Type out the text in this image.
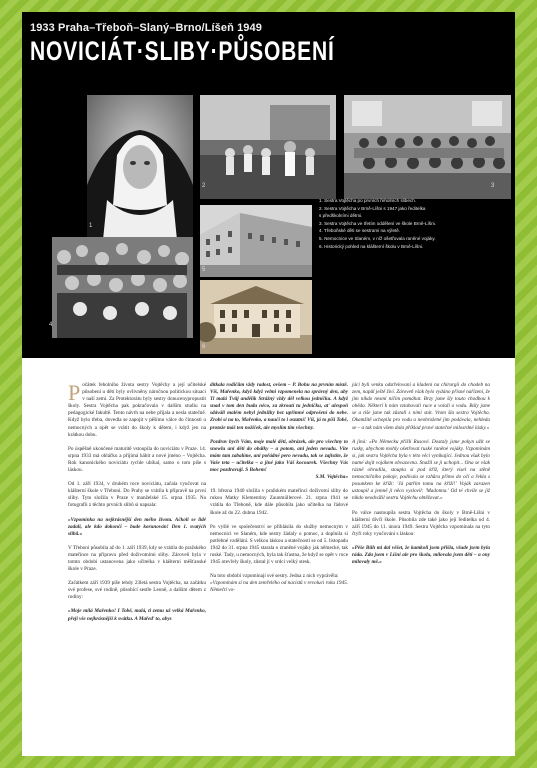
1933 Praha–Třeboň–Slaný–Brno/Líšeň 1949
NOVICIÁT·SLIBY·PŮSOBENÍ
1
2	3
4
5
6
1. Sestra Vojtěcha po prvních řeholních slibech.
2. Sestra Vojtěcha v Brně-Líšni s 1947 jako ředitelka
s předškolními dětmi.
3. Sestra Vojtěcha ve třetím oddělení ve škole Brně-Líšni.
4. Třeboňské děti se sestrami na výletě.
5. Nemocnice ve Slaném, v níž ošetřovala raněné vojáky.
6. Historický pohled na klášterní školu v Brně-Líšni.

Počátek řeholního života sestry Vojtěchy a její učitelské působení u dětí byly ovlivněny náročnou politickou situací v naší zemi. Za Protektorátu byly sestry donucenypropustit školy. Sestra Vojtěcha pak pokračovala v dalším studiu na pedagogické fakultě. Tento návrh na nebe přijala a nesla statečně. Když bylo třeba, dovedla se zapojit v pěšímu válce do činnosti u nemocných a opět se vrátit do školy k dětem, i když jen na krátkou dobu.

Po úspěšně ukončené maturitě vstoupila do noviciátu v Praze. 14. srpna 1933 má obláčku a přijímá hábit a nové jméno – Vojtěcha. Rok kanonického noviciátu rychle ubíhal, samo o tom píše s láskou.

Od 1. září 1934, v druhém roce noviciátu, začala vyučovat na klášterní škole v Třeboni. Do Prahy se vrátila k přípravě na první sliby. Tyto složila v Praze v manželské 15. srpna 1935. Na fotografii z těchto prvních slibů si napsala:

»Vzpomínka na nejkrásnější den mého života. Ačkoli se lidé zadali, ale kdo dokončí – bude korunován! Den 1. svatých slibů.«

V Třeboni působila až do 1. září 1939, kdy se vrátila do pražského mateřince na přípravu před doživotními sliby. Zároveň byla v tomto období ustanovena jako učitelka v klášterní měšťanské škole v Praze.

Začátkem září 1939 píše tehdy 23letá sestra Vojtěcha, na začátku své profese, své rodině, působící sestře Leoně, a dalším dětem z rodiny:

»Moje milá Mařenko! I Tobě, malá, ti zemu už velká Mařenko, přeji vše nejkrásnější k svátku. A Mařeď to, abys

dítkala rodičům vždy radost, ovšem – P. Bohu na prvním místě. Víš, Mařenko, když když velmi vzpomenela na správný den, aby Ti malá Tvůj andělík Strážný vždy děl velkou jedničku. A když snad v tom den budu něco, za zkroutí tu jedničku, ať alespoň sdáváli malém nebyl jednižky bez upřímné odprošení do nebe. Zrobí si na to, Mařenko, a naučí to i ostatní! Víš, já to píši Tobě, protože máš ten nožiček, ale myslím tím všechny.

Pozdrav bych Vám, moje malé děti, obrázek, ale pro všechny to snowlu ani děti do obálky – a potom, ani jeden nevadu. Víte mám tam zabalíme, ani pořádné pero nevadu, tak se zajistíte, že Vaše teta – učitelka – a jiné jako Váš kocourek. Všechny Vás moc pozdravuji. S Bohem!

S.M. Vojtěcha«

19. března 1940 složila v pražském mateřinci doživotní sliby do rukou Matky Klementiny Zaunmüllerové. 21. srpna 1941 se vrátila do Třeboně, kde dále působila jako učitelka na řádové škole až do 22. dubna 1942.

Po vyšlé ve společenství se přihlásila do služby nemocným v nemocnici ve Slaném, kde sestry žádaly o pomoc, a doplnila si potřebné vzdělání. S velkou láskou a statečností se od 5. listopadu 1942 do 31. srpna 1945 starala o zraněné vojáky jak německé, tak ruské. Tady, u nemocných, byla tak šťastna, že když se opět v roce 1945 otevřely školy, zůstal jí v srdci velký stesk.

Na toto období vzpomínají své sestry. Jedna z nich vyprávěla:

»Vzpomínám si na den zemřelého od nacistů v revoluci roku 1945. Němečtí vo-

jáci byli venku odstřelovaní a kladeni na chirurgii do chodeb na zem, napůl ještě živí. Zároveň však bylo vydáno přísné nařízení, že jim nikdo nesmí ničím pomáhat. Brzy jsme šly touto chodbou k oběda. Některí k nám vztahovali ruce a volali o vodu. Bály jsme se a tiše jsme tak zůstali s nimi stát. Vtom šla sestra Vojtěcha. Okamžitě uchopila pro vodu a neohrožené jim podávala, nehleda se – a tak nám všem dala příklad pravé statečné milosrdné lásky.«

A jiná: »Po Německu přišli Rusové. Dostaly jsme pokyn užít se rusky, abychom mohly ošetřovat ruské raněné vojáky. Vzpomínám si, jak sestra Vojtěcha byla v této věci vynikající. Jednou však bylo nutné dojít vojákem obvazovna. Snažil se ji uchopit... Ona se však rázně ohradila, stoupla si pod kříž, který visel na stěně nemocničního pokoje, podívala se vzhůru přímo do očí a řekla s posunkem ke kříži: 'Já patřím tomu na kříži!' Voják zarazen ustoupil a jemně ji něco vyslovil: 'Madonna.' Od té chvíle se již nikdo neodvážil sestru Vojtěchu obtěžovat.«

Po válce nastoupila sestra Vojtěcha do školy v Brně-Líšni v klášterní dívčí škole. Působila zde také jako její ředitelka od 4. září 1945 do 11. února 1949. Sestra Vojtěcha vzpomínala na tyto čtyři roky vyučování s láskou:

»Pěše Bůh mi dal věšet, že kamkoli jsem přišla, všude jsem byla ráda. Zda jsem v Líšni ale pro školu, milovala jsem děti – a ony milovaly mě.«
